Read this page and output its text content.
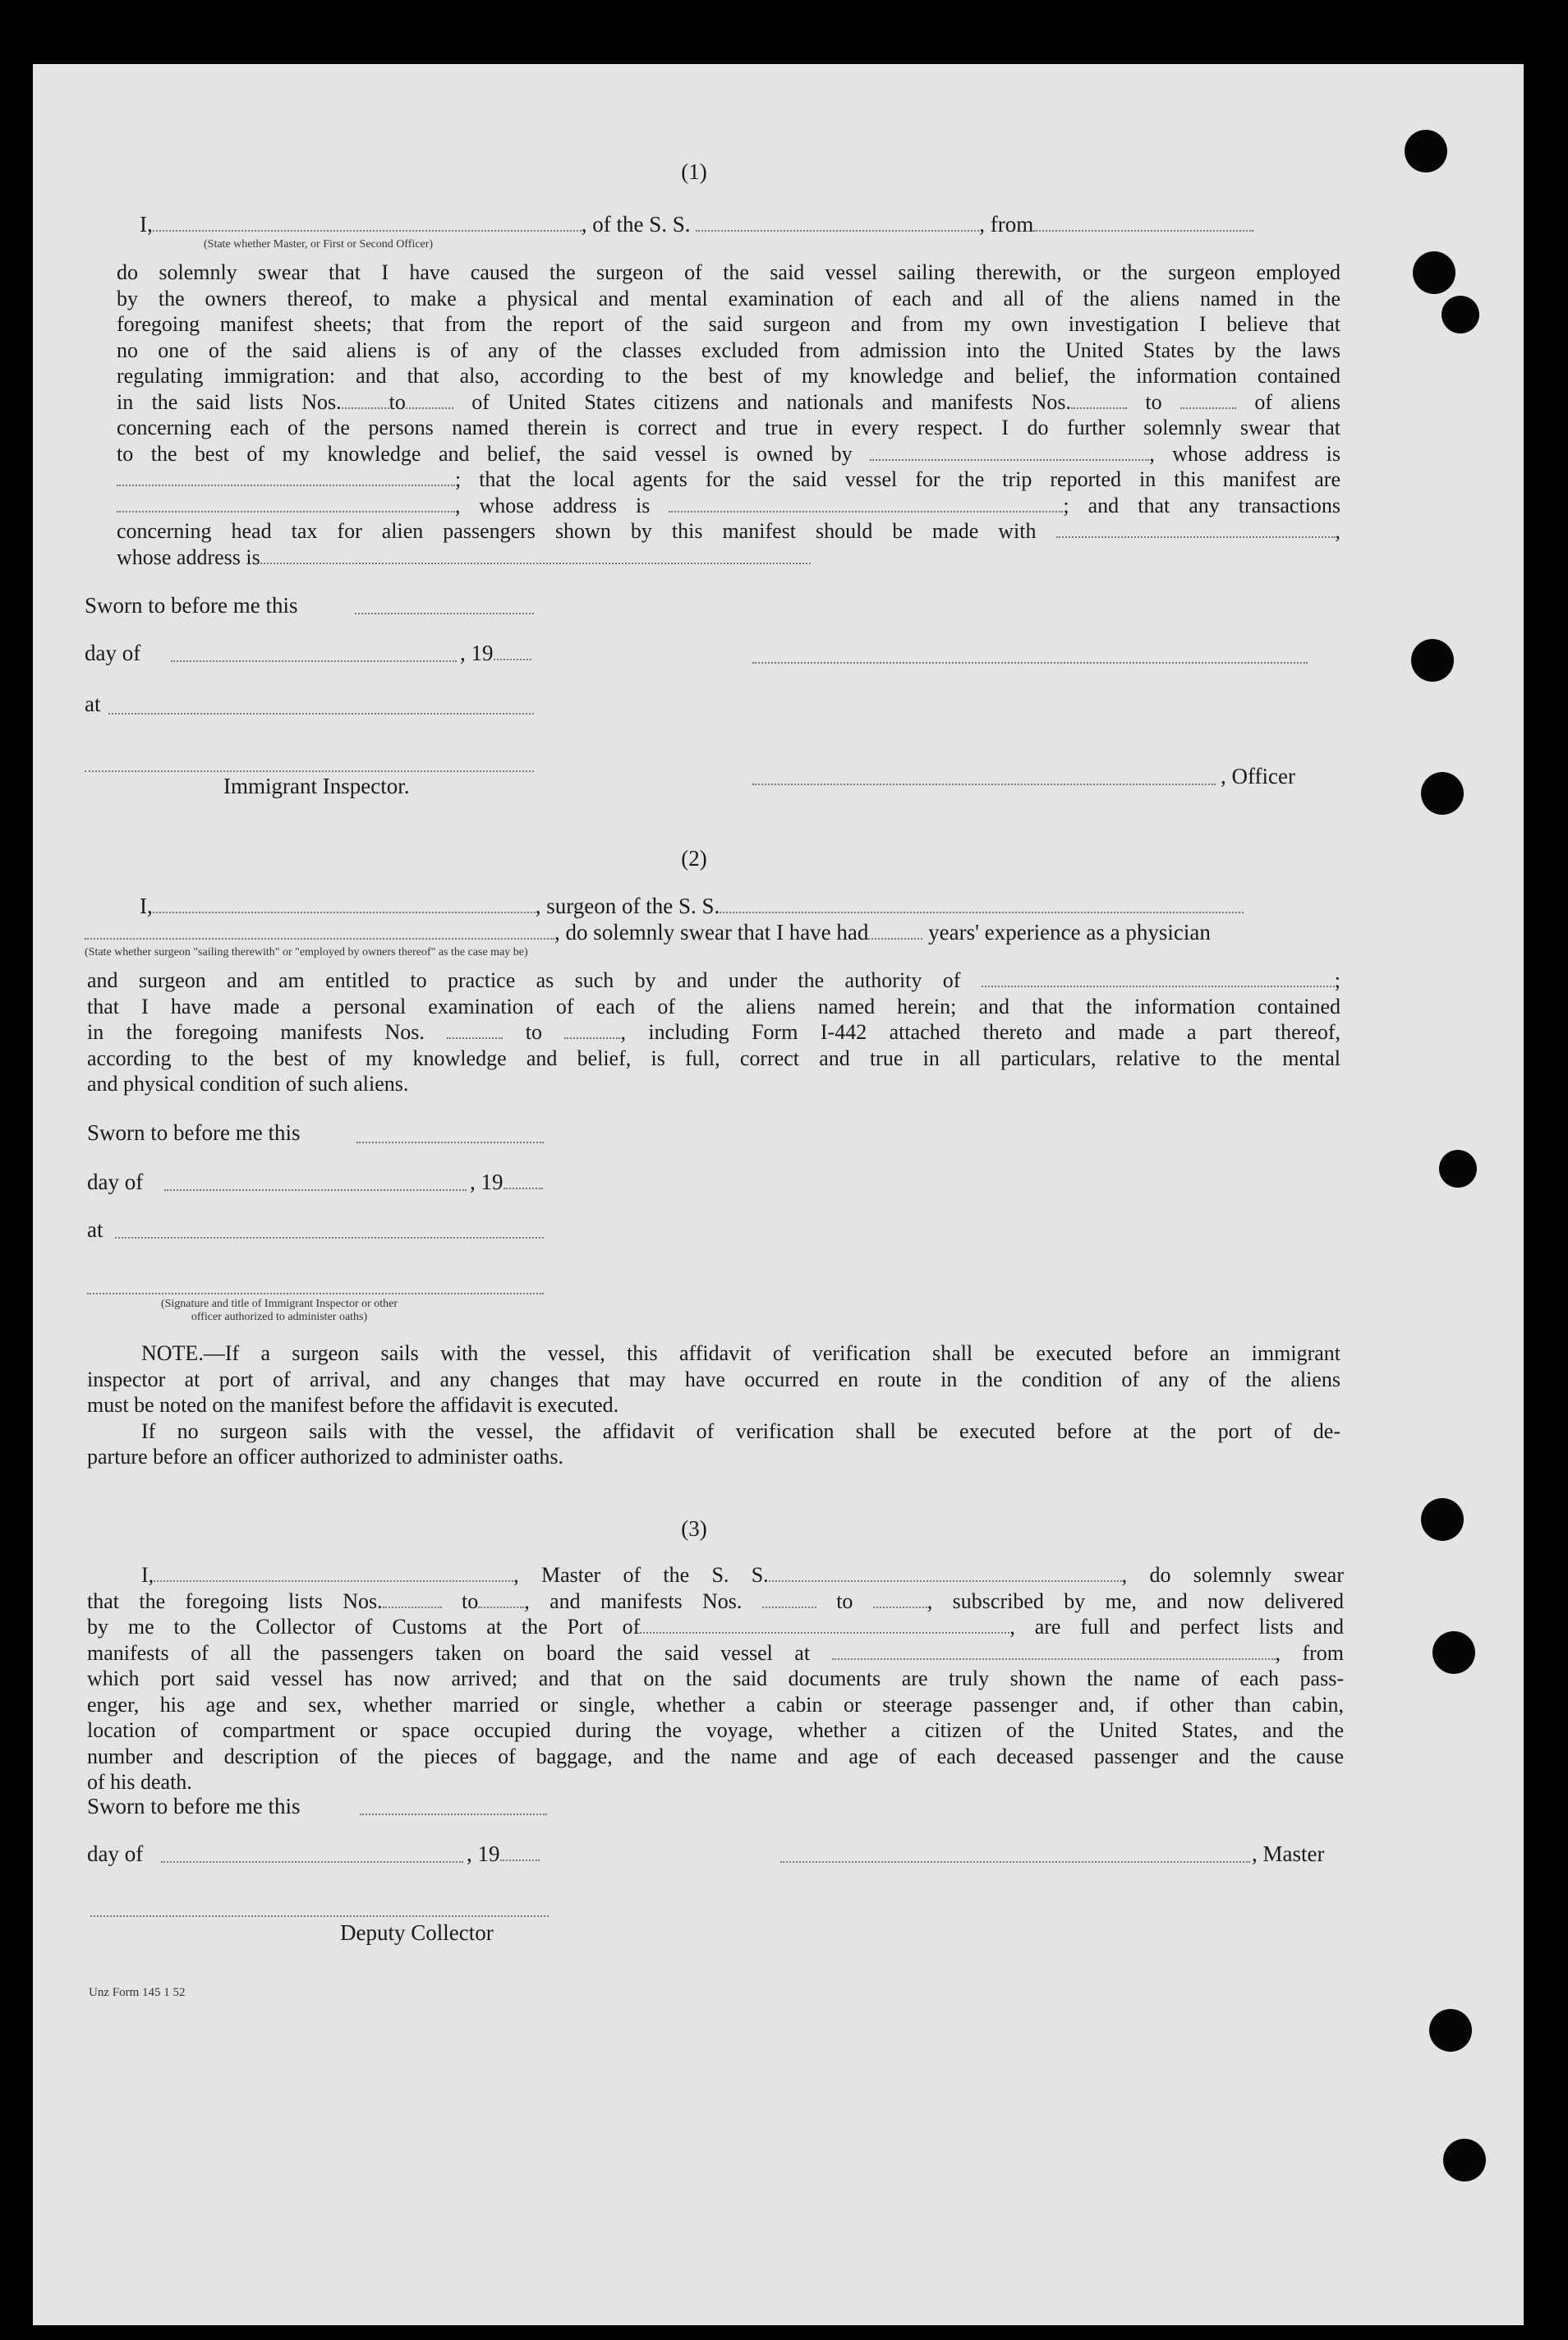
(1)
I,	, of the S. S.	, from
(State whether Master, or First or Second Officer)
do solemnly swear that I have caused the surgeon of the said vessel sailing therewith, or the surgeon employed
by the owners thereof, to make a physical and mental examination of each and all of the aliens named in the
foregoing manifest sheets; that from the report of the said surgeon and from my own investigation I believe that
no one of the said aliens is of any of the classes excluded from admission into the United States by the laws
regulating immigration: and that also, according to the best of my knowledge and belief, the information contained
in the said lists Nos. to	of United States citizens and nationals and manifests Nos.	to	of aliens
concerning each of the persons named therein is correct and true in every respect. I do further solemnly swear that
to the best of my knowledge and belief, the said vessel is owned by	, whose address is
; that the local agents for the said vessel for the trip reported in this manifest are
, whose address is	; and that any transactions
concerning head tax for alien passengers shown by this manifest should be made with	,
whose address is
Sworn to before me this
day of	, 19
at
Immigrant Inspector.	, Officer
(2)
I,	, surgeon of the S. S.
, do solemnly swear that I have had	years' experience as a physician
(State whether surgeon "sailing therewith" or "employed by owners thereof" as the case may be)
and surgeon and am entitled to practice as such by and under the authority of	;
that I have made a personal examination of each of the aliens named herein; and that the information contained
in the foregoing manifests Nos.	to	, including Form I-442 attached thereto and made a part thereof,
according to the best of my knowledge and belief, is full, correct and true in all particulars, relative to the mental
and physical condition of such aliens.
Sworn to before me this
day of	, 19
at
(Signature and title of Immigrant Inspector or other
officer authorized to administer oaths)
NOTE.—If a surgeon sails with the vessel, this affidavit of verification shall be executed before an immigrant
inspector at port of arrival, and any changes that may have occurred en route in the condition of any of the aliens
must be noted on the manifest before the affidavit is executed.
If no surgeon sails with the vessel, the affidavit of verification shall be executed before at the port of de-
parture before an officer authorized to administer oaths.
(3)
I,	, Master of the S. S.	, do solemnly swear
that the foregoing lists Nos.	to , and manifests Nos.	to	, subscribed by me, and now delivered
by me to the Collector of Customs at the Port of	, are full and perfect lists and
manifests of all the passengers taken on board the said vessel at	, from
which port said vessel has now arrived; and that on the said documents are truly shown the name of each pass-
enger, his age and sex, whether married or single, whether a cabin or steerage passenger and, if other than cabin,
location of compartment or space occupied during the voyage, whether a citizen of the United States, and the
number and description of the pieces of baggage, and the name and age of each deceased passenger and the cause
of his death.
Sworn to before me this
day of	, 19	, Master
Deputy Collector
Unz Form 145 1 52
